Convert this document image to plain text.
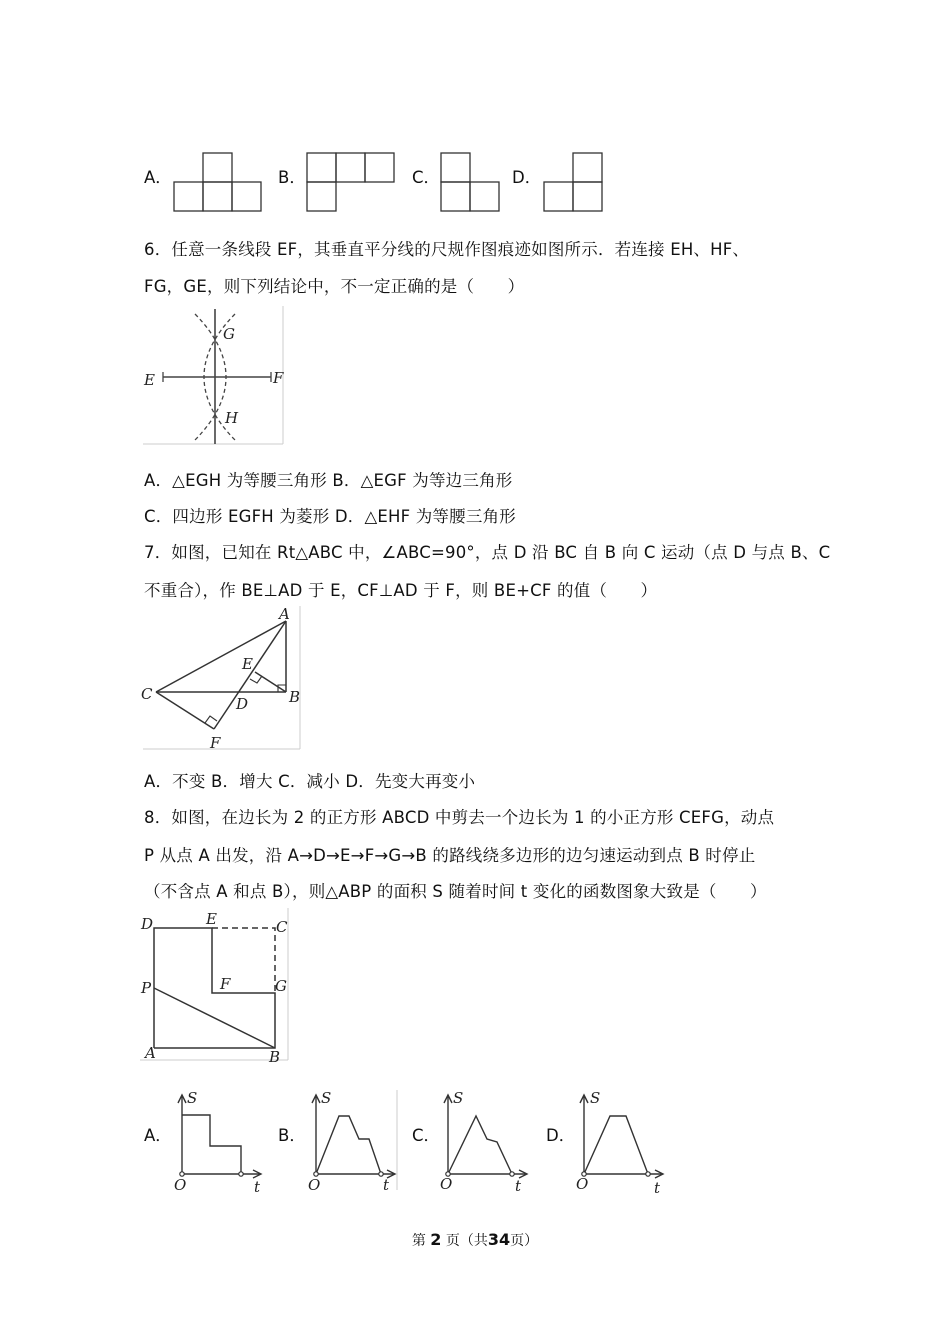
A．	B．	C．	D．
6．任意一条线段 EF，其垂直平分线的尺规作图痕迹如图所示．若连接 EH、HF、
FG，GE，则下列结论中，不一定正确的是（　　）
E	F
G
H
A．△EGH 为等腰三角形 B．△EGF 为等边三角形
C．四边形 EGFH 为菱形 D．△EHF 为等腰三角形
7．如图，已知在 Rt△ABC 中，∠ABC=90°，点 D 沿 BC 自 B 向 C 运动（点 D 与点 B、C
不重合），作 BE⊥AD 于 E，CF⊥AD 于 F，则 BE+CF 的值（　　）
A
B
C
D
E
F
A．不变 B．增大 C．减小 D．先变大再变小
8．如图，在边长为 2 的正方形 ABCD 中剪去一个边长为 1 的小正方形 CEFG，动点
P 从点 A 出发，沿 A→D→E→F→G→B 的路线绕多边形的边匀速运动到点 B 时停止
（不含点 A 和点 B），则△ABP 的面积 S 随着时间 t 变化的函数图象大致是（　　）
D	E	C
F	G
P
A	B
A．
S
O	t
B．
S
O	t
C．
S
O	t
D．
S
O	t
第 2 页（共34页）
